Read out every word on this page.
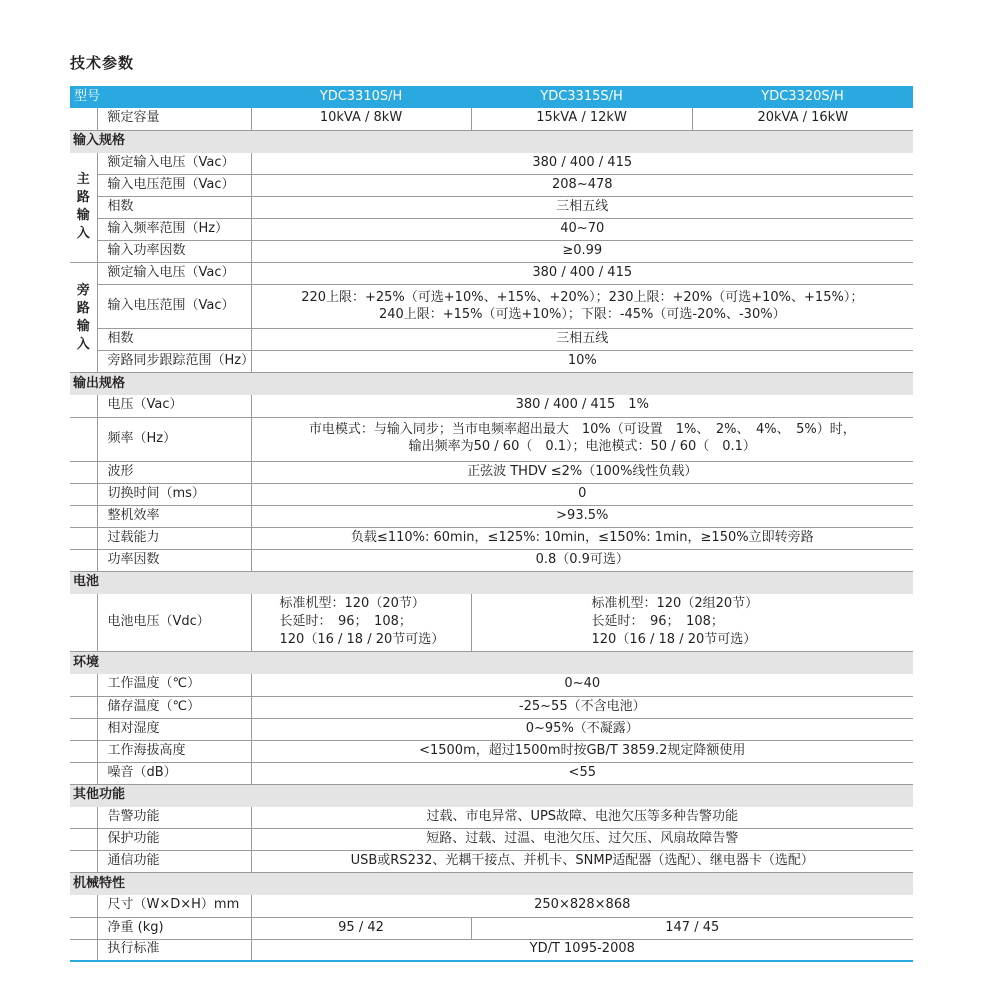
技术参数
型号		YDC3310S/H	YDC3315S/H	YDC3320S/H
	额定容量	10kVA / 8kW	15kVA / 12kW	20kVA / 16kW
输入规格				
主
路
输
入	额定输入电压（Vac）	380 / 400 / 415		
	输入电压范围（Vac）	208~478		
	相数	三相五线		
	输入频率范围（Hz）	40~70		
	输入功率因数	≥0.99		
旁
路
输
入	额定输入电压（Vac）	380 / 400 / 415		
	输入电压范围（Vac）	220上限：+25%（可选+10%、+15%、+20%）；230上限：+20%（可选+10%、+15%）；
240上限：+15%（可选+10%）；下限：-45%（可选-20%、-30%）		
	相数	三相五线		
	旁路同步跟踪范围（Hz）	10%		
输出规格				
	电压（Vac）	380 / 400 / 415　1%		
	频率（Hz）	市电模式：与输入同步；当市电频率超出最大　10%（可设置　1%、　2%、　4%、　5%）时，
输出频率为50 / 60（　0.1）；电池模式：50 / 60（　0.1）		
	波形	正弦波 THDV ≤2%（100%线性负载）		
	切换时间（ms）	0		
	整机效率	>93.5%		
	过载能力	负载≤110%: 60min，≤125%: 10min，≤150%: 1min，≥150%立即转旁路		
	功率因数	0.8（0.9可选）		
电池				
	电池电压（Vdc）	标准机型：120（20节）
长延时：　96；　108；
120（16 / 18 / 20节可选）	标准机型：120（2组20节）
长延时：　96；　108；
120（16 / 18 / 20节可选）	

环境				
	工作温度（℃）	0~40		
	储存温度（℃）	-25~55（不含电池）		
	相对湿度	0~95%（不凝露）		
	工作海拔高度	<1500m，超过1500m时按GB/T 3859.2规定降额使用		
	噪音（dB）	<55		
其他功能				
	告警功能	过载、市电异常、UPS故障、电池欠压等多种告警功能		
	保护功能	短路、过载、过温、电池欠压、过欠压、风扇故障告警		
	通信功能	USB或RS232、光耦干接点、并机卡、SNMP适配器（选配）、继电器卡（选配）		
机械特性				
	尺寸（W×D×H）mm	250×828×868		
	净重 (kg)	95 / 42	147 / 45	
	执行标准	YD/T 1095-2008		
